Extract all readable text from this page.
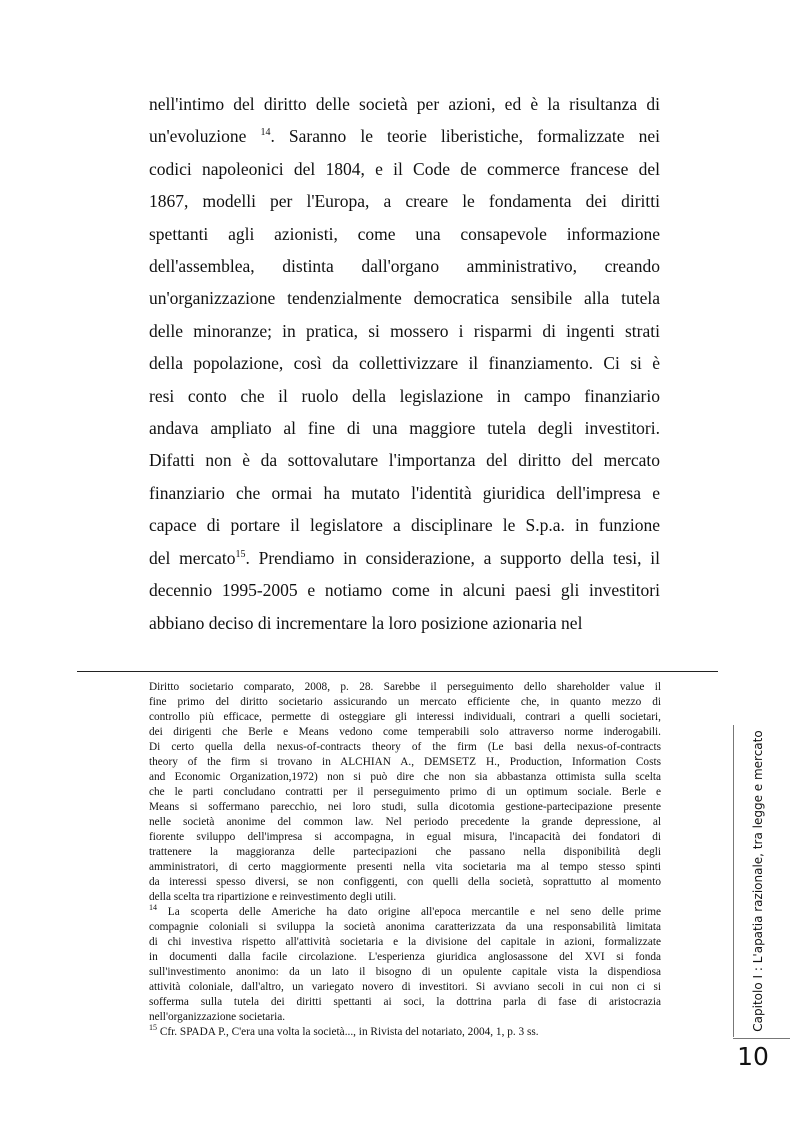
nell'intimo del diritto delle società per azioni, ed è la risultanza di
un'evoluzione $^{14}$. Saranno le teorie liberistiche, formalizzate nei
codici napoleonici del 1804, e il Code de commerce francese del
1867, modelli per l'Europa, a creare le fondamenta dei diritti
spettanti agli azionisti, come una consapevole informazione
dell'assemblea, distinta dall'organo amministrativo, creando
un'organizzazione tendenzialmente democratica sensibile alla tutela
delle minoranze; in pratica, si mossero i risparmi di ingenti strati
della popolazione, così da collettivizzare il finanziamento. Ci si è
resi conto che il ruolo della legislazione in campo finanziario
andava ampliato al fine di una maggiore tutela degli investitori.
Difatti non è da sottovalutare l'importanza del diritto del mercato
finanziario che ormai ha mutato l'identità giuridica dell'impresa e
capace di portare il legislatore a disciplinare le S.p.a. in funzione
del mercato$^{15}$. Prendiamo in considerazione, a supporto della tesi, il
decennio 1995-2005 e notiamo come in alcuni paesi gli investitori
abbiano deciso di incrementare la loro posizione azionaria nel
Diritto societario comparato, 2008, p. 28. Sarebbe il perseguimento dello shareholder value il
fine primo del diritto societario assicurando un mercato efficiente che, in quanto mezzo di
controllo più efficace, permette di osteggiare gli interessi individuali, contrari a quelli societari,
dei dirigenti che Berle e Means vedono come temperabili solo attraverso norme inderogabili.
Di certo quella della nexus-of-contracts theory of the firm (Le basi della nexus-of-contracts
theory of the firm si trovano in ALCHIAN A., DEMSETZ H., Production, Information Costs
and Economic Organization,1972) non si può dire che non sia abbastanza ottimista sulla scelta
che le parti concludano contratti per il perseguimento primo di un optimum sociale. Berle e
Means si soffermano parecchio, nei loro studi, sulla dicotomia gestione-partecipazione presente
nelle società anonime del common law. Nel periodo precedente la grande depressione, al
fiorente sviluppo dell'impresa si accompagna, in egual misura, l'incapacità dei fondatori di
trattenere la maggioranza delle partecipazioni che passano nella disponibilità degli
amministratori, di certo maggiormente presenti nella vita societaria ma al tempo stesso spinti
da interessi spesso diversi, se non configgenti, con quelli della società, soprattutto al momento
della scelta tra ripartizione e reinvestimento degli utili.
$^{14}$ La scoperta delle Americhe ha dato origine all'epoca mercantile e nel seno delle prime
compagnie coloniali si sviluppa la società anonima caratterizzata da una responsabilità limitata
di chi investiva rispetto all'attività societaria e la divisione del capitale in azioni, formalizzate
in documenti dalla facile circolazione. L'esperienza giuridica anglosassone del XVI si fonda
sull'investimento anonimo: da un lato il bisogno di un opulente capitale vista la dispendiosa
attività coloniale, dall'altro, un variegato novero di investitori. Si avviano secoli in cui non ci si
sofferma sulla tutela dei diritti spettanti ai soci, la dottrina parla di fase di aristocrazia
nell'organizzazione societaria.
$^{15}$ Cfr. SPADA P., C'era una volta la società..., in Rivista del notariato, 2004, 1, p. 3 ss.
Capitolo I : L'apatia razionale, tra legge e mercato
10
